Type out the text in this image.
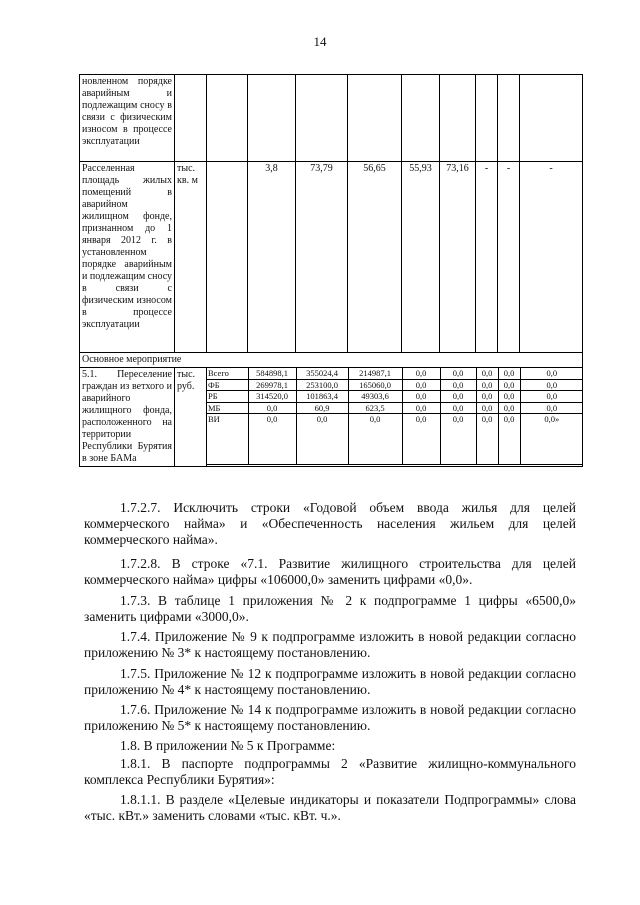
14
новленном порядке аварийным и подлежащим сносу в связи с физическим износом в процессе эксплуатации										
Расселенная площадь жилых помещений в аварийном жилищном фонде, признанном до 1 января 2012 г. в установленном порядке аварийным и подлежащим сносу в связи с физическим износом в процессе эксплуатации	тыс. кв. м		3,8	73,79	56,65	55,93	73,16	-	-	-
Основное мероприятие
5.1. Переселение граждан из ветхого и аварийного жилищного фонда, расположенного на территории Республики Бурятия в зоне БАМа	тыс. руб.	
Всего	584898,1	355024,4	214987,1	0,0	0,0	0,0	0,0	0,0
ФБ	269978,1	253100,0	165060,0	0,0	0,0	0,0	0,0	0,0
РБ	314520,0	101863,4	49303,6	0,0	0,0	0,0	0,0	0,0
МБ	0,0	60,9	623,5	0,0	0,0	0,0	0,0	0,0
ВИ	0,0	0,0	0,0	0,0	0,0	0,0	0,0	0,0»
1.7.2.7. Исключить строки «Годовой объем ввода жилья для целей коммерческого найма» и «Обеспеченность населения жильем для целей коммерческого найма».
1.7.2.8. В строке «7.1. Развитие жилищного строительства для целей коммерческого найма» цифры «106000,0» заменить цифрами «0,0».
1.7.3. В таблице 1 приложения № 2 к подпрограмме 1 цифры «6500,0» заменить цифрами «3000,0».
1.7.4. Приложение № 9 к подпрограмме изложить в новой редакции согласно приложению № 3* к настоящему постановлению.
1.7.5. Приложение № 12 к подпрограмме изложить в новой редакции согласно приложению № 4* к настоящему постановлению.
1.7.6. Приложение № 14 к подпрограмме изложить в новой редакции согласно приложению № 5* к настоящему постановлению.
1.8. В приложении № 5 к Программе:
1.8.1. В паспорте подпрограммы 2 «Развитие жилищно-коммунального комплекса Республики Бурятия»:
1.8.1.1. В разделе «Целевые индикаторы и показатели Подпрограммы» слова «тыс. кВт.» заменить словами «тыс. кВт. ч.».
